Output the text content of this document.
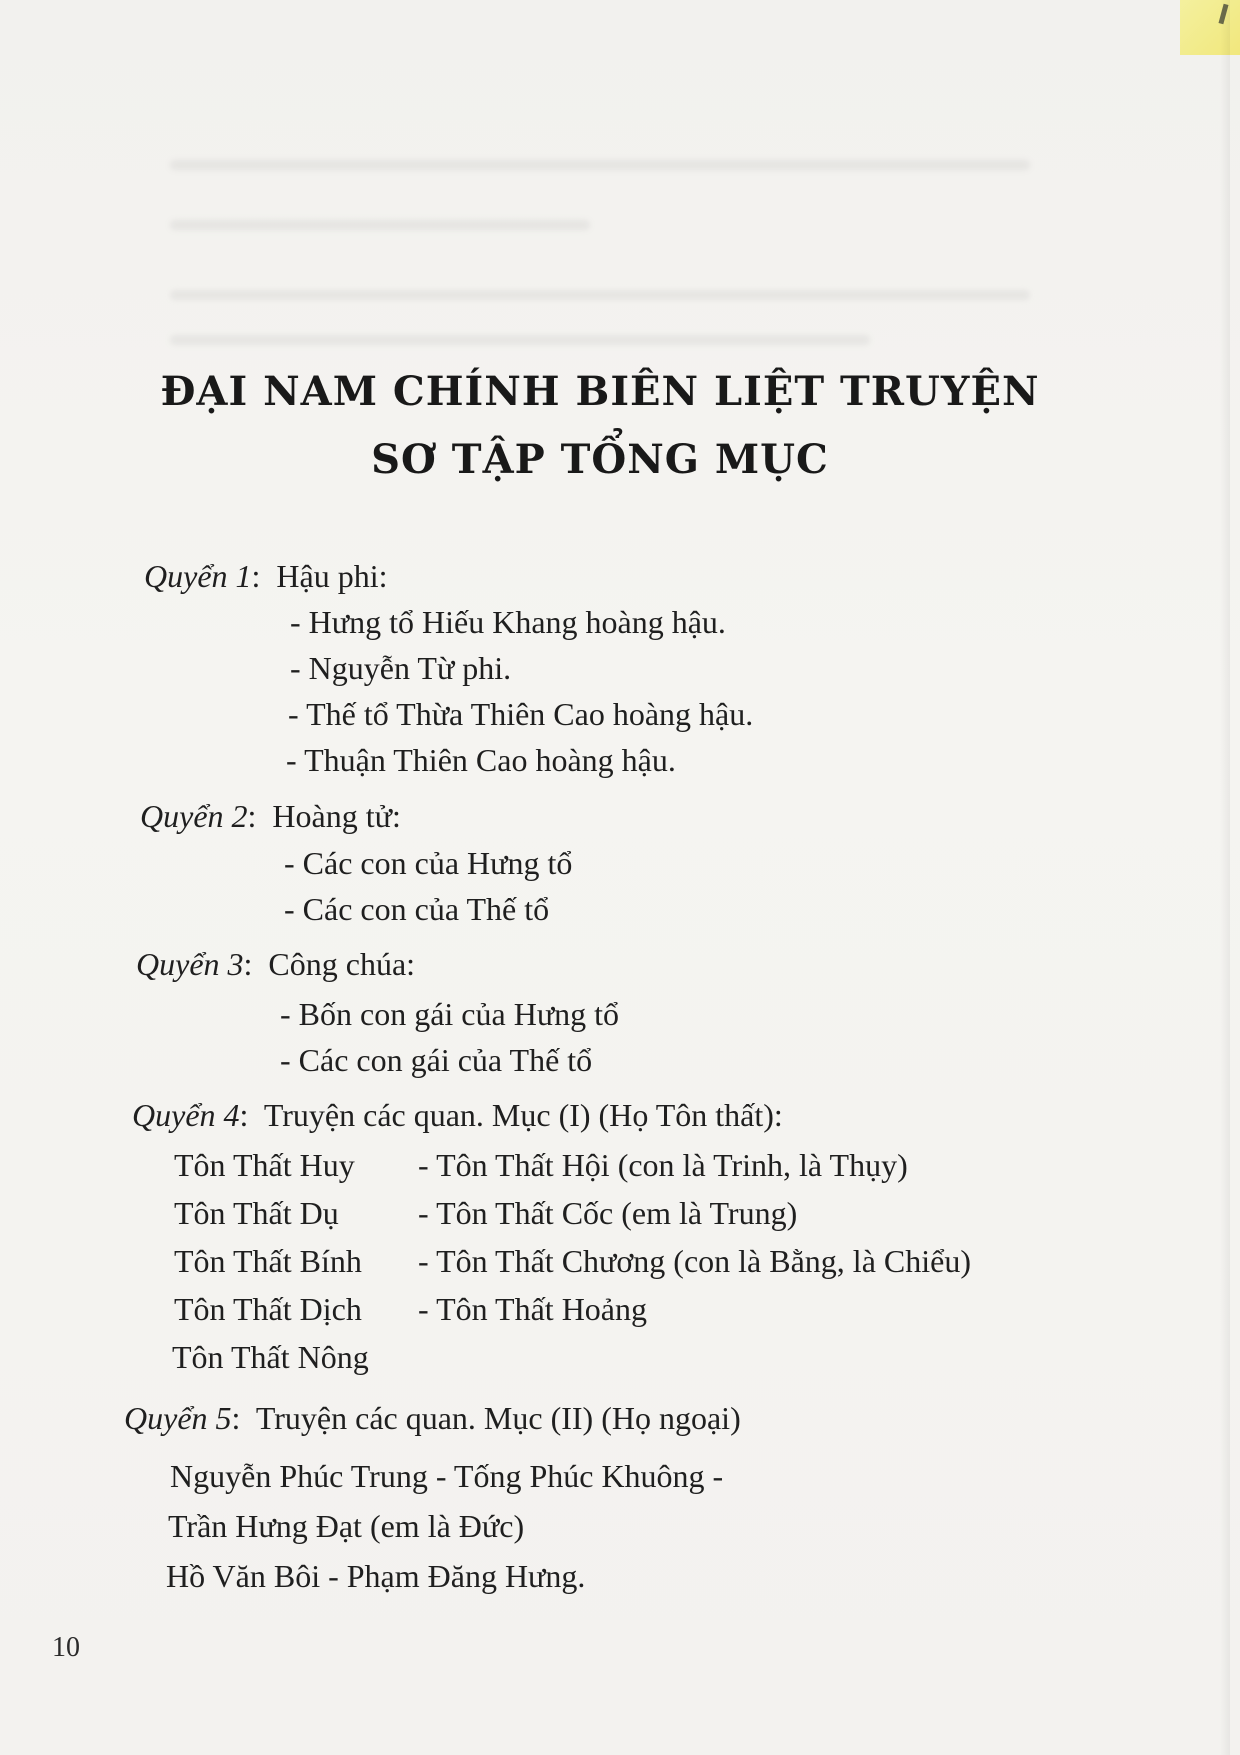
ĐẠI NAM CHÍNH BIÊN LIỆT TRUYỆN
SƠ TẬP TỔNG MỤC
Quyển 1:  Hậu phi:
- Hưng tổ Hiếu Khang hoàng hậu.
- Nguyễn Từ phi.
- Thế tổ Thừa Thiên Cao hoàng hậu.
- Thuận Thiên Cao hoàng hậu.
Quyển 2:  Hoàng tử:
- Các con của Hưng tổ
- Các con của Thế tổ
Quyển 3:  Công chúa:
- Bốn con gái của Hưng tổ
- Các con gái của Thế tổ
Quyển 4:  Truyện các quan. Mục (I) (Họ Tôn thất):
Tôn Thất Huy - Tôn Thất Hội (con là Trinh, là Thụy)
Tôn Thất Dụ - Tôn Thất Cốc (em là Trung)
Tôn Thất Bính - Tôn Thất Chương (con là Bằng, là Chiểu)
Tôn Thất Dịch - Tôn Thất Hoảng
Tôn Thất Nông
Quyển 5:  Truyện các quan. Mục (II) (Họ ngoại)
Nguyễn Phúc Trung - Tống Phúc Khuông -
Trần Hưng Đạt (em là Đức)
Hồ Văn Bôi - Phạm Đăng Hưng.
10
